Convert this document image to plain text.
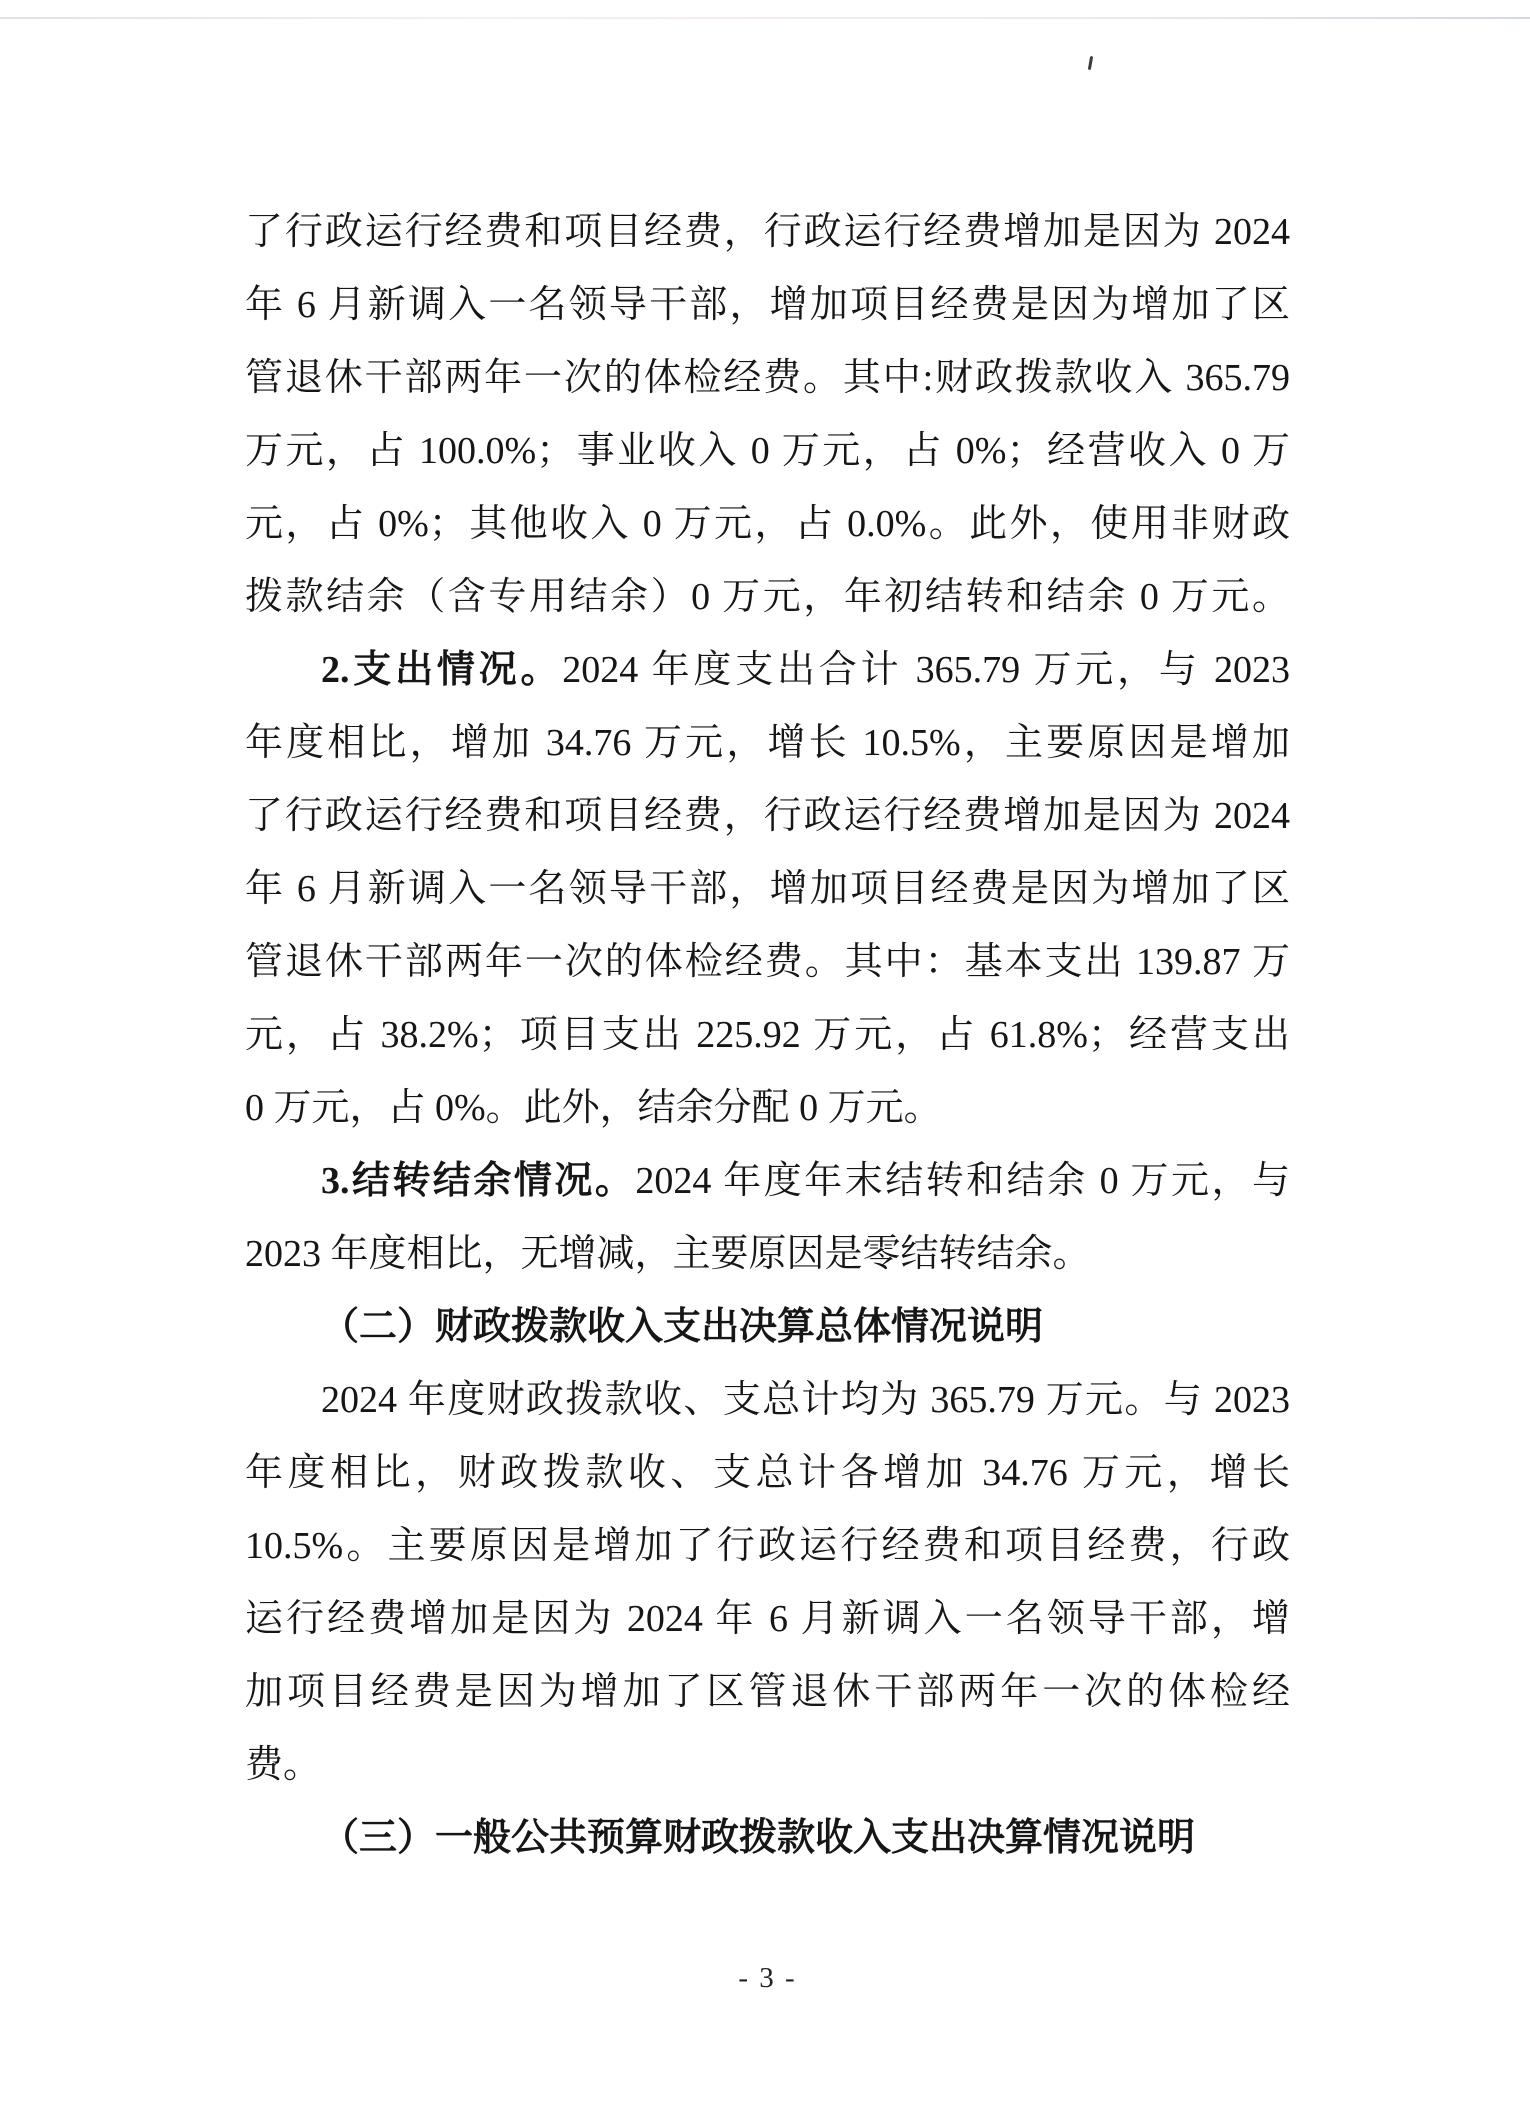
了行政运行经费和项目经费，行政运行经费增加是因为 2024
年 6 月新调入一名领导干部，增加项目经费是因为增加了区
管退休干部两年一次的体检经费。其中:财政拨款收入 365.79
万元，占 100.0%；事业收入 0 万元，占 0%；经营收入 0 万
元，占 0%；其他收入 0 万元，占 0.0%。此外，使用非财政
拨款结余（含专用结余）0 万元，年初结转和结余 0 万元。
2.支出情况。2024 年度支出合计 365.79 万元，与 2023
年度相比，增加 34.76 万元，增长 10.5%，主要原因是增加
了行政运行经费和项目经费，行政运行经费增加是因为 2024
年 6 月新调入一名领导干部，增加项目经费是因为增加了区
管退休干部两年一次的体检经费。其中：基本支出 139.87 万
元，占 38.2%；项目支出 225.92 万元，占 61.8%；经营支出
0 万元，占 0%。此外，结余分配 0 万元。
3.结转结余情况。2024 年度年末结转和结余 0 万元，与
2023 年度相比，无增减，主要原因是零结转结余。
（二）财政拨款收入支出决算总体情况说明
2024 年度财政拨款收、支总计均为 365.79 万元。与 2023
年度相比，财政拨款收、支总计各增加 34.76 万元，增长
10.5%。主要原因是增加了行政运行经费和项目经费，行政
运行经费增加是因为 2024 年 6 月新调入一名领导干部，增
加项目经费是因为增加了区管退休干部两年一次的体检经
费。
（三）一般公共预算财政拨款收入支出决算情况说明
- 3 -
